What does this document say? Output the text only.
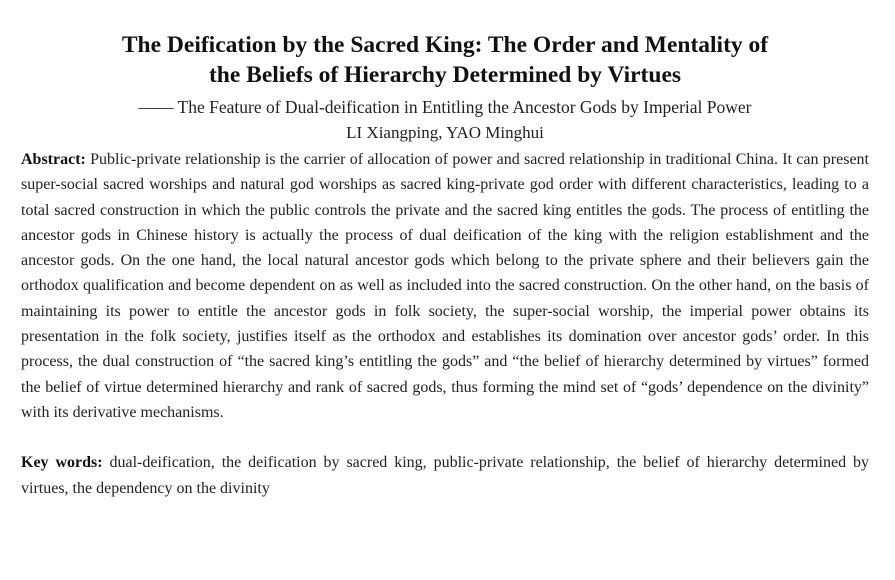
The Deification by the Sacred King: The Order and Mentality of
the Beliefs of Hierarchy Determined by Virtues
—— The Feature of Dual-deification in Entitling the Ancestor Gods by Imperial Power
LI Xiangping, YAO Minghui
Abstract: Public-private relationship is the carrier of allocation of power and sacred relationship in traditional China. It can present super-social sacred worships and natural god worships as sacred king-private god order with different characteristics, leading to a total sacred construction in which the public controls the private and the sacred king entitles the gods. The process of entitling the ancestor gods in Chinese history is actually the process of dual deification of the king with the religion establishment and the ancestor gods. On the one hand, the local natural ancestor gods which belong to the private sphere and their believers gain the orthodox qualification and become dependent on as well as included into the sacred construction. On the other hand, on the basis of maintaining its power to entitle the ancestor gods in folk society, the super-social worship, the imperial power obtains its presentation in the folk society, justifies itself as the orthodox and establishes its domination over ancestor gods’ order. In this process, the dual construction of “the sacred king’s entitling the gods” and “the belief of hierarchy determined by virtues” formed the belief of virtue determined hierarchy and rank of sacred gods, thus forming the mind set of “gods’ dependence on the divinity” with its derivative mechanisms.
Key words: dual-deification, the deification by sacred king, public-private relationship, the belief of hierarchy determined by virtues, the dependency on the divinity
